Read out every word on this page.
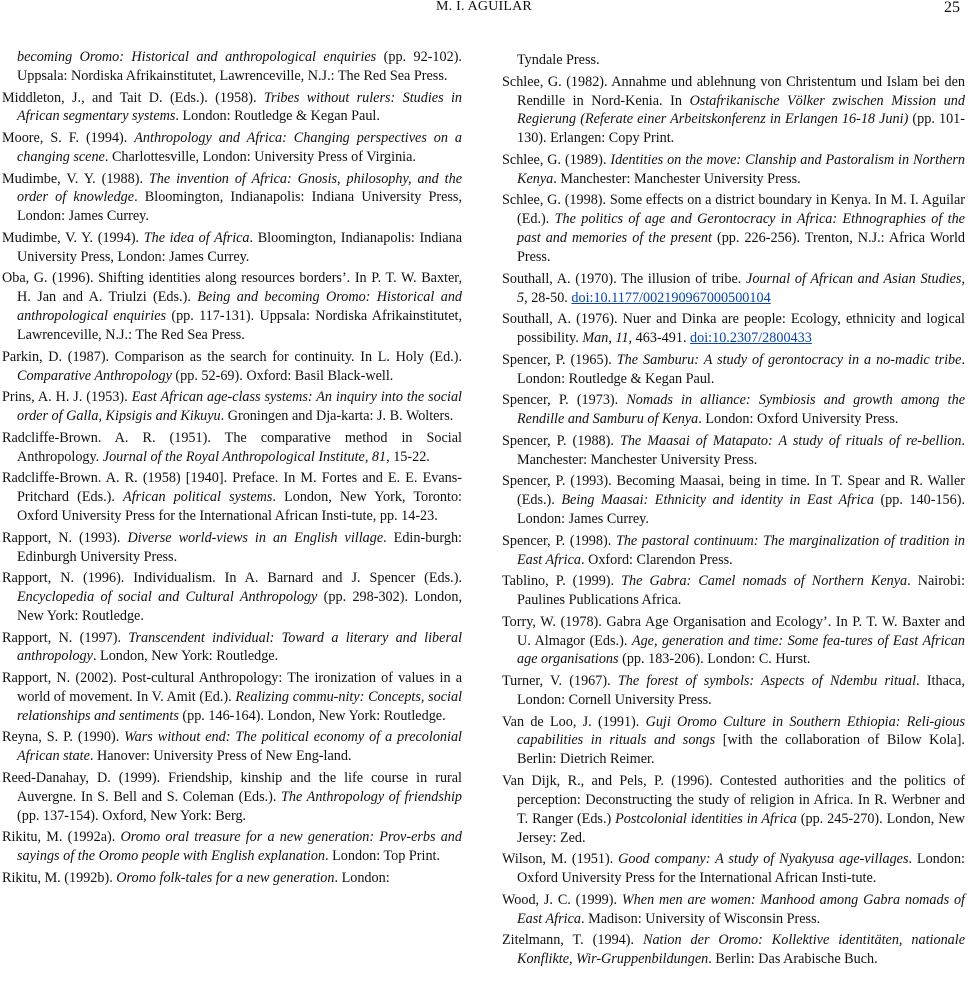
M. I. AGUILAR	25

becoming Oromo: Historical and anthropological enquiries (pp. 92-102). Uppsala: Nordiska Afrikainstitutet, Lawrenceville, N.J.: The Red Sea Press.

Middleton, J., and Tait D. (Eds.). (1958). Tribes without rulers: Studies in African segmentary systems. London: Routledge & Kegan Paul.

Moore, S. F. (1994). Anthropology and Africa: Changing perspectives on a changing scene. Charlottesville, London: University Press of Virginia.

Mudimbe, V. Y. (1988). The invention of Africa: Gnosis, philosophy, and the order of knowledge. Bloomington, Indianapolis: Indiana University Press, London: James Currey.

Mudimbe, V. Y. (1994). The idea of Africa. Bloomington, Indianapolis: Indiana University Press, London: James Currey.

Oba, G. (1996). Shifting identities along resources borders’. In P. T. W. Baxter, H. Jan and A. Triulzi (Eds.). Being and becoming Oromo: Historical and anthropological enquiries (pp. 117-131). Uppsala: Nordiska Afrikainstitutet, Lawrenceville, N.J.: The Red Sea Press.

Parkin, D. (1987). Comparison as the search for continuity. In L. Holy (Ed.). Comparative Anthropology (pp. 52-69). Oxford: Basil Black-well.

Prins, A. H. J. (1953). East African age-class systems: An inquiry into the social order of Galla, Kipsigis and Kikuyu. Groningen and Dja-karta: J. B. Wolters.

Radcliffe-Brown. A. R. (1951). The comparative method in Social Anthropology. Journal of the Royal Anthropological Institute, 81, 15-22.

Radcliffe-Brown. A. R. (1958) [1940]. Preface. In M. Fortes and E. E. Evans-Pritchard (Eds.). African political systems. London, New York, Toronto: Oxford University Press for the International African Insti-tute, pp. 14-23.

Rapport, N. (1993). Diverse world-views in an English village. Edin-burgh: Edinburgh University Press.

Rapport, N. (1996). Individualism. In A. Barnard and J. Spencer (Eds.). Encyclopedia of social and Cultural Anthropology (pp. 298-302). London, New York: Routledge.

Rapport, N. (1997). Transcendent individual: Toward a literary and liberal anthropology. London, New York: Routledge.

Rapport, N. (2002). Post-cultural Anthropology: The ironization of values in a world of movement. In V. Amit (Ed.). Realizing commu-nity: Concepts, social relationships and sentiments (pp. 146-164). London, New York: Routledge.

Reyna, S. P. (1990). Wars without end: The political economy of a precolonial African state. Hanover: University Press of New Eng-land.

Reed-Danahay, D. (1999). Friendship, kinship and the life course in rural Auvergne. In S. Bell and S. Coleman (Eds.). The Anthropology of friendship (pp. 137-154). Oxford, New York: Berg.

Rikitu, M. (1992a). Oromo oral treasure for a new generation: Prov-erbs and sayings of the Oromo people with English explanation. London: Top Print.

Rikitu, M. (1992b). Oromo folk-tales for a new generation. London:

Tyndale Press.

Schlee, G. (1982). Annahme und ablehnung von Christentum und Islam bei den Rendille in Nord-Kenia. In Ostafrikanische Völker zwischen Mission und Regierung (Referate einer Arbeitskonferenz in Erlangen 16-18 Juni) (pp. 101-130). Erlangen: Copy Print.

Schlee, G. (1989). Identities on the move: Clanship and Pastoralism in Northern Kenya. Manchester: Manchester University Press.

Schlee, G. (1998). Some effects on a district boundary in Kenya. In M. I. Aguilar (Ed.). The politics of age and Gerontocracy in Africa: Ethnographies of the past and memories of the present (pp. 226-256). Trenton, N.J.: Africa World Press.

Southall, A. (1970). The illusion of tribe. Journal of African and Asian Studies, 5, 28-50. doi:10.1177/002190967000500104

Southall, A. (1976). Nuer and Dinka are people: Ecology, ethnicity and logical possibility. Man, 11, 463-491. doi:10.2307/2800433

Spencer, P. (1965). The Samburu: A study of gerontocracy in a no-madic tribe. London: Routledge & Kegan Paul.

Spencer, P. (1973). Nomads in alliance: Symbiosis and growth among the Rendille and Samburu of Kenya. London: Oxford University Press.

Spencer, P. (1988). The Maasai of Matapato: A study of rituals of re-bellion. Manchester: Manchester University Press.

Spencer, P. (1993). Becoming Maasai, being in time. In T. Spear and R. Waller (Eds.). Being Maasai: Ethnicity and identity in East Africa (pp. 140-156). London: James Currey.

Spencer, P. (1998). The pastoral continuum: The marginalization of tradition in East Africa. Oxford: Clarendon Press.

Tablino, P. (1999). The Gabra: Camel nomads of Northern Kenya. Nairobi: Paulines Publications Africa.

Torry, W. (1978). Gabra Age Organisation and Ecology’. In P. T. W. Baxter and U. Almagor (Eds.). Age, generation and time: Some fea-tures of East African age organisations (pp. 183-206). London: C. Hurst.

Turner, V. (1967). The forest of symbols: Aspects of Ndembu ritual. Ithaca, London: Cornell University Press.

Van de Loo, J. (1991). Guji Oromo Culture in Southern Ethiopia: Reli-gious capabilities in rituals and songs [with the collaboration of Bilow Kola]. Berlin: Dietrich Reimer.

Van Dijk, R., and Pels, P. (1996). Contested authorities and the politics of perception: Deconstructing the study of religion in Africa. In R. Werbner and T. Ranger (Eds.) Postcolonial identities in Africa (pp. 245-270). London, New Jersey: Zed.

Wilson, M. (1951). Good company: A study of Nyakyusa age-villages. London: Oxford University Press for the International African Insti-tute.

Wood, J. C. (1999). When men are women: Manhood among Gabra nomads of East Africa. Madison: University of Wisconsin Press.

Zitelmann, T. (1994). Nation der Oromo: Kollektive identitäten, nationale Konflikte, Wir-Gruppenbildungen. Berlin: Das Arabische Buch.
